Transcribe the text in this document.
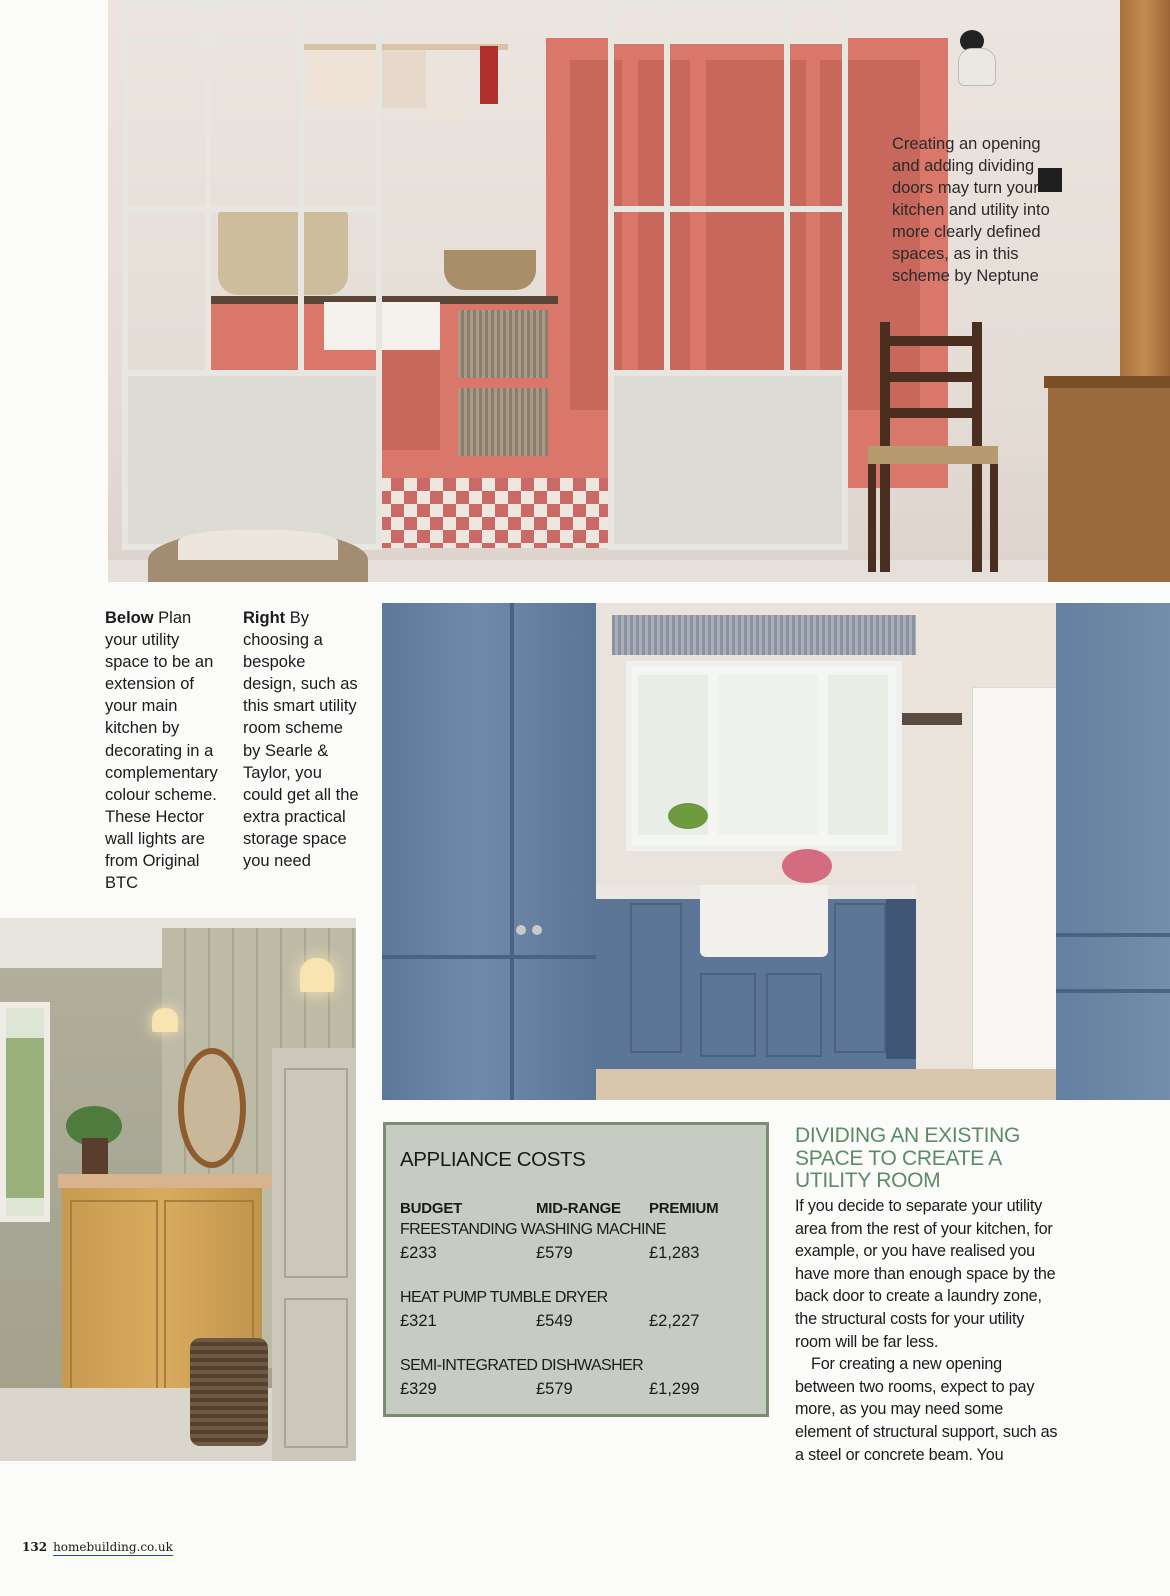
Creating an opening and adding dividing doors may turn your kitchen and utility into more clearly defined spaces, as in this scheme by Neptune
Below Plan your utility space to be an extension of your main kitchen by decorating in a complementary colour scheme. These Hector wall lights are from Original BTC
Right By choosing a bespoke design, such as this smart utility room scheme by Searle & Taylor, you could get all the extra practical storage space you need
APPLIANCE COSTS
BUDGET	MID-RANGE PREMIUM
FREESTANDING WASHING MACHINE
£233	£579	£1,283
HEAT PUMP TUMBLE DRYER
£321	£549	£2,227
SEMI-INTEGRATED DISHWASHER
£329	£579	£1,299
DIVIDING AN EXISTING SPACE TO CREATE A UTILITY ROOM

If you decide to separate your utility area from the rest of your kitchen, for example, or you have realised you have more than enough space by the back door to create a laundry zone, the structural costs for your utility room will be far less.

For creating a new opening between two rooms, expect to pay more, as you may need some element of structural support, such as a steel or concrete beam. You

132 homebuilding.co.uk
